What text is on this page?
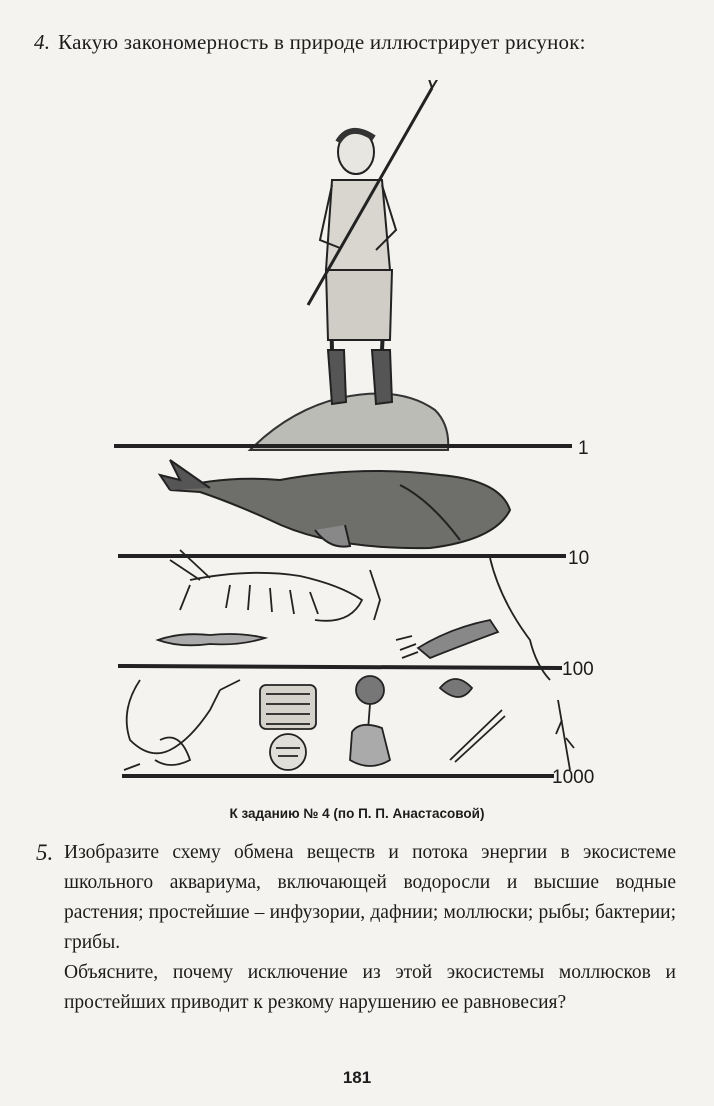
4. Какую закономерность в природе иллюстрирует рисунок:
1
10
100
1000
К заданию № 4 (по П. П. Анастасовой)
5. Изобразите схему обмена веществ и потока энергии в экосистеме школьного аквариума, включающей водоросли и высшие водные растения; простейшие – инфузории, дафнии; моллюски; рыбы; бактерии; грибы.

Объясните, почему исключение из этой экосистемы моллюсков и простейших приводит к резкому нарушению ее равновесия?

181
